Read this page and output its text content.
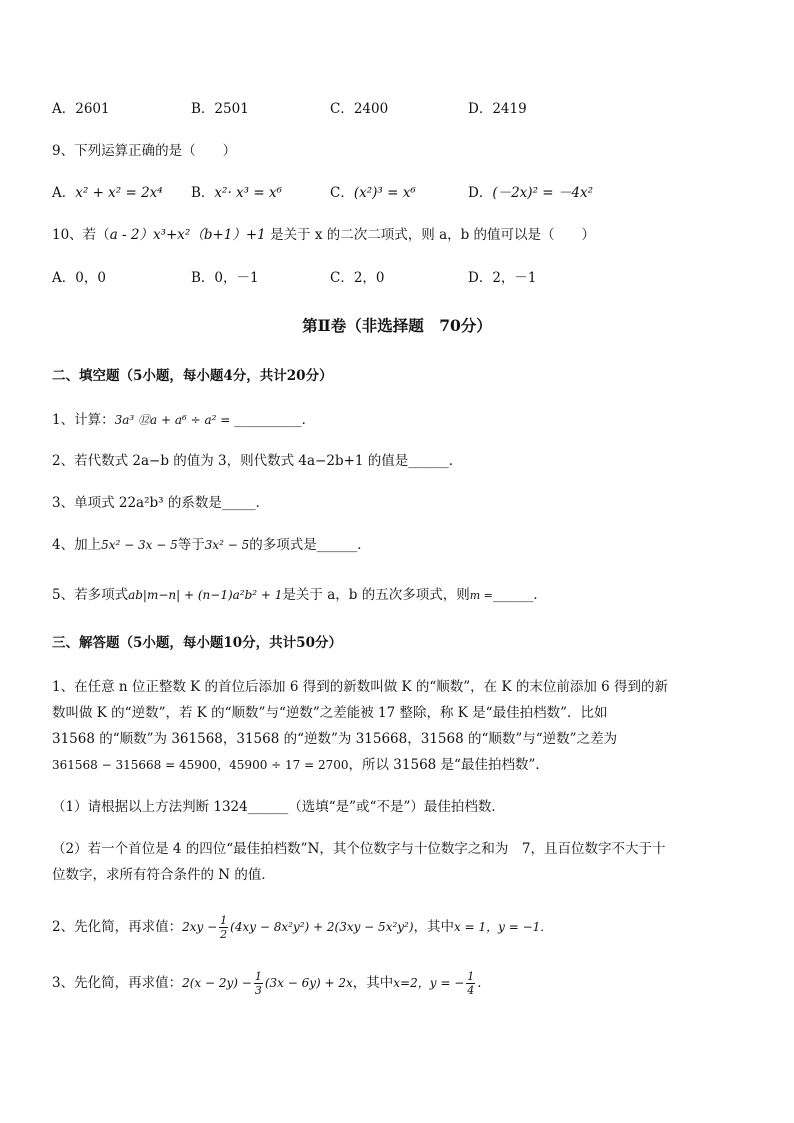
A．2601	B．2501	C．2400	D．2419
9、下列运算正确的是（　　）
A．x² + x² = 2x⁴ B．x²· x³ = x⁶	C．(x²)³ = x⁶	D．(－2x)² = －4x²
10、若（a - 2）x³+x²（b+1）+1 是关于 x 的二次二项式，则 a，b 的值可以是（　　）
A．0，0	B．0，－1	C．2，0	D．2，－1
第Ⅱ卷（非选择题　70分）
二、填空题（5小题，每小题4分，共计20分）
1、计算：3a³ ⑫a + a⁶ ÷ a² = __________．
2、若代数式 2a−b 的值为 3，则代数式 4a−2b+1 的值是______．
3、单项式 22a²b³ 的系数是_____．
4、加上5x² − 3x − 5等于3x² − 5的多项式是______．
5、若多项式ab|m−n| + (n−1)a²b² + 1是关于 a，b 的五次多项式，则m =______．
三、解答题（5小题，每小题10分，共计50分）
1、在任意 n 位正整数 K 的首位后添加 6 得到的新数叫做 K 的“顺数”，在 K 的末位前添加 6 得到的新
数叫做 K 的“逆数”，若 K 的“顺数”与“逆数”之差能被 17 整除，称 K 是“最佳拍档数”．比如
31568 的“顺数”为 361568，31568 的“逆数”为 315668，31568 的“顺数”与“逆数”之差为
361568 − 315668 = 45900，45900 ÷ 17 = 2700，所以 31568 是“最佳拍档数”．
（1）请根据以上方法判断 1324______（选填“是”或“不是”）最佳拍档数．
（2）若一个首位是 4 的四位“最佳拍档数”N，其个位数字与十位数字之和为　7，且百位数字不大于十
位数字，求所有符合条件的 N 的值．
2、先化简，再求值：$2xy - \frac{1}{2} (4xy - 8x^2y^2) + 2(3xy - 5x^2y^2)$，其中x = 1，y = −1．
3、先化简，再求值：$2(x - 2y) - \frac{1}{3} (3x - 6y) + 2x$，其中x=2，y = − $\frac{1}{4}$ ．
